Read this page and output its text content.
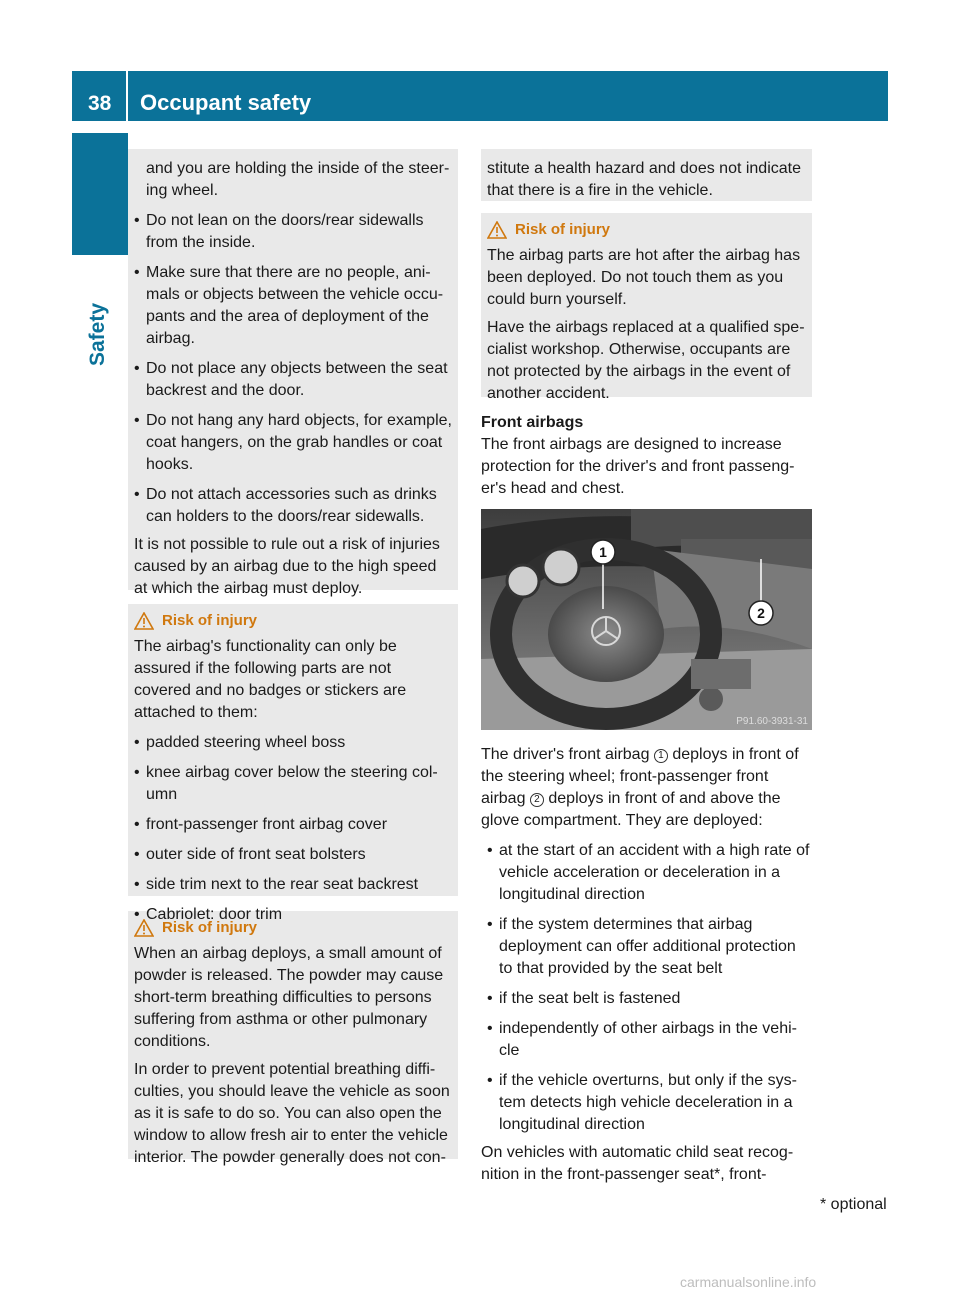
38 Occupant safety
Safety

and you are holding the inside of the steer-

ing wheel.

• Do not lean on the doors/rear sidewalls from the inside.
• Make sure that there are no people, ani- mals or objects between the vehicle occu- pants and the area of deployment of the airbag.
• Do not place any objects between the seat backrest and the door.
• Do not hang any hard objects, for example, coat hangers, on the grab handles or coat hooks.
• Do not attach accessories such as drinks can holders to the doors/rear sidewalls.

It is not possible to rule out a risk of injuries caused by an airbag due to the high speed at which the airbag must deploy.

Risk of injury

The airbag's functionality can only be assured if the following parts are not covered and no badges or stickers are attached to them:

• padded steering wheel boss
• knee airbag cover below the steering col- umn
• front-passenger front airbag cover
• outer side of front seat bolsters
• side trim next to the rear seat backrest
• Cabriolet: door trim
Risk of injury

When an airbag deploys, a small amount of powder is released. The powder may cause short-term breathing difficulties to persons suffering from asthma or other pulmonary conditions.

In order to prevent potential breathing diffi- culties, you should leave the vehicle as soon as it is safe to do so. You can also open the window to allow fresh air to enter the vehicle interior. The powder generally does not con-

stitute a health hazard and does not indicate that there is a fire in the vehicle.

Risk of injury

The airbag parts are hot after the airbag has been deployed. Do not touch them as you could burn yourself.

Have the airbags replaced at a qualified spe- cialist workshop. Otherwise, occupants are not protected by the airbags in the event of another accident.

Front airbags

The front airbags are designed to increase protection for the driver's and front passeng- er's head and chest.

1
2
P91.60-3931-31

The driver's front airbag 1 deploys in front of the steering wheel; front-passenger front airbag 2 deploys in front of and above the glove compartment. They are deployed:

• at the start of an accident with a high rate of vehicle acceleration or deceleration in a longitudinal direction
• if the system determines that airbag deployment can offer additional protection to that provided by the seat belt
• if the seat belt is fastened
• independently of other airbags in the vehi- cle
• if the vehicle overturns, but only if the sys- tem detects high vehicle deceleration in a longitudinal direction

On vehicles with automatic child seat recog- nition in the front-passenger seat*, front-

* optional
carmanualsonline.info
